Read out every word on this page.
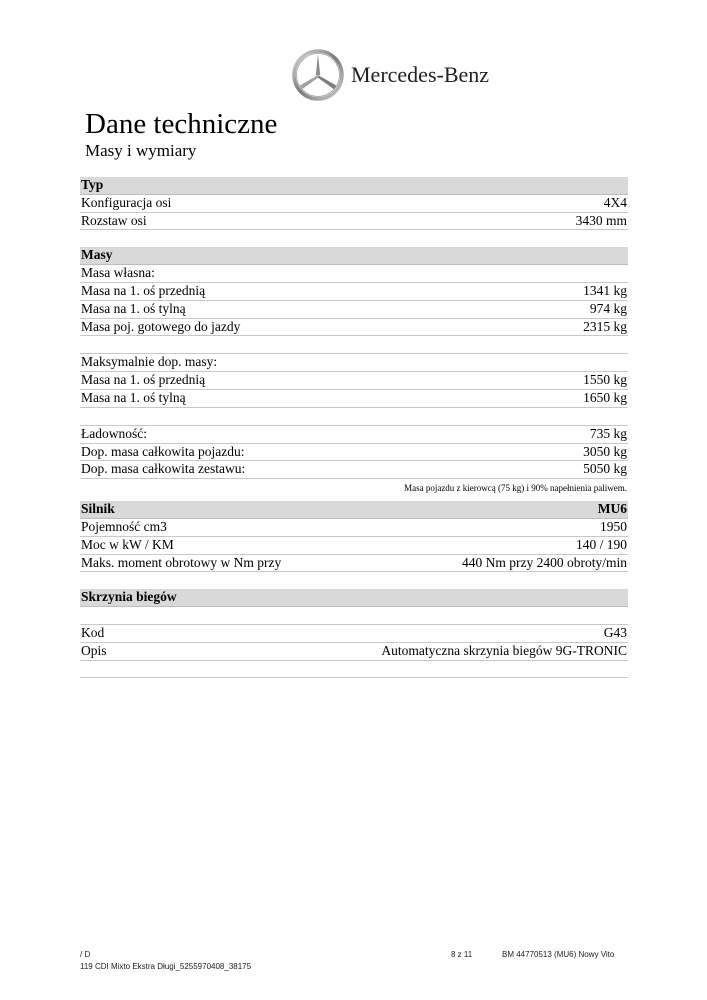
Mercedes-Benz
Dane techniczne
Masy i wymiary
Typ
Konfiguracja osi	4X4
Rozstaw osi	3430 mm
Masy
Masa własna:
Masa na 1. oś przednią	1341 kg
Masa na 1. oś tylną	974 kg
Masa poj. gotowego do jazdy	2315 kg
Maksymalnie dop. masy:
Masa na 1. oś przednią	1550 kg
Masa na 1. oś tylną	1650 kg
Ładowność:	735 kg
Dop. masa całkowita pojazdu:	3050 kg
Dop. masa całkowita zestawu:	5050 kg
Masa pojazdu z kierowcą (75 kg) i 90% napełnienia paliwem.
Silnik	MU6
Pojemność cm3	1950
Moc w kW / KM	140 / 190
Maks. moment obrotowy w Nm przy	440 Nm przy 2400 obroty/min
Skrzynia biegów
Kod	G43
Opis	Automatyczna skrzynia biegów 9G-TRONIC
/ D
119 CDI Mixto Ekstra Długi_5255970408_38175
8 z 11	BM 44770513 (MU6) Nowy Vito
